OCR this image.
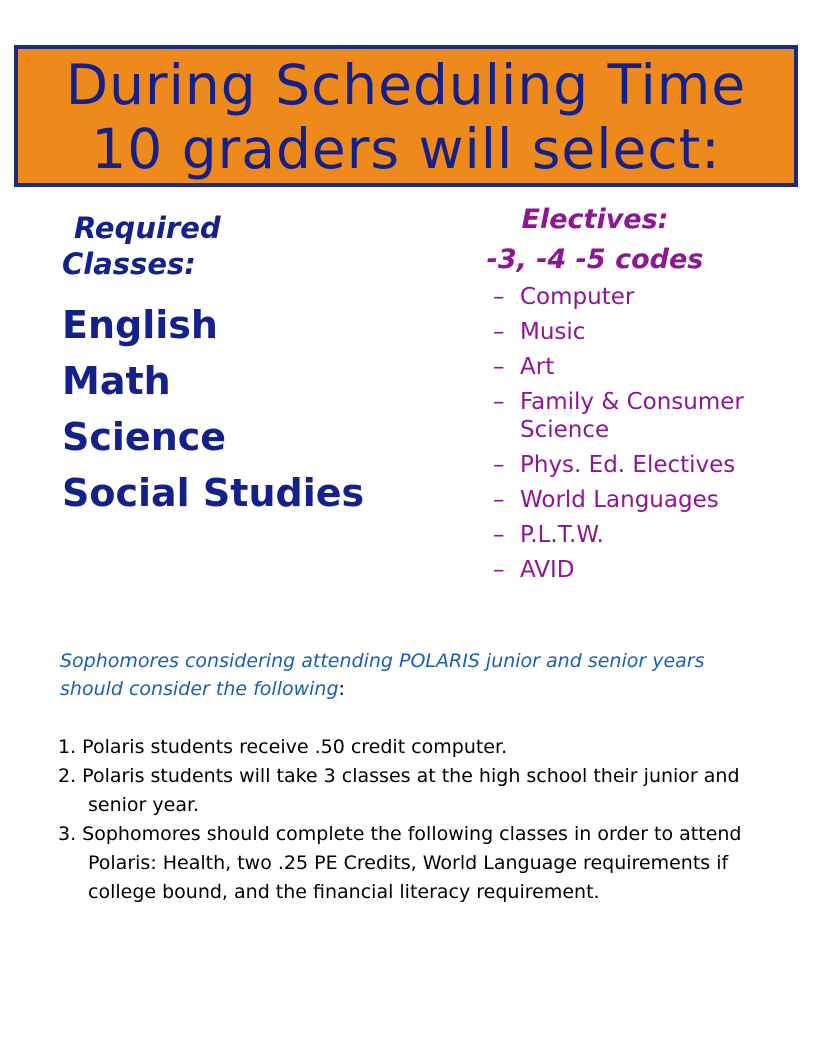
During Scheduling Time
10 graders will select:
Required
Classes:
English
Math
Science
Social Studies
Electives:
-3, -4 -5 codes
– Computer
– Music
– Art
– Family & Consumer Science
– Phys. Ed. Electives
– World Languages
– P.L.T.W.
– AVID
Sophomores considering attending POLARIS junior and senior years should consider the following:
1. Polaris students receive .50 credit computer.
2. Polaris students will take 3 classes at the high school their junior and senior year.
3. Sophomores should complete the following classes in order to attend Polaris: Health, two .25 PE Credits, World Language requirements if college bound, and the financial literacy requirement.
